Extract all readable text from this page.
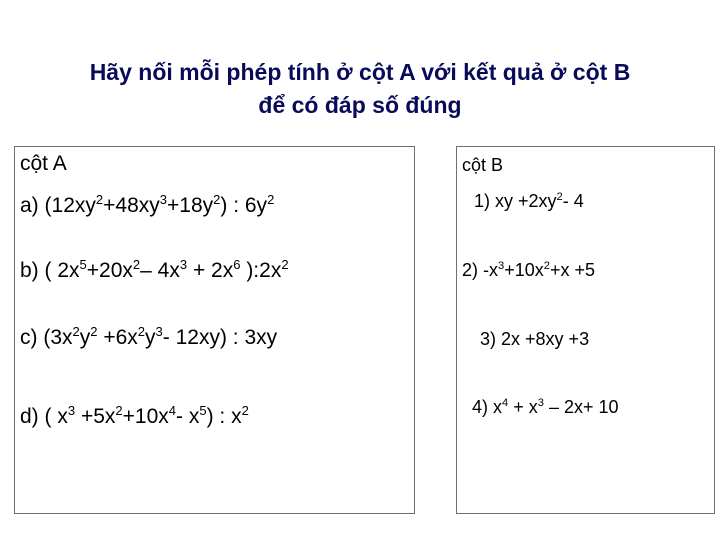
Hãy nối mỗi phép tính ở cột A với kết quả ở cột B
để có đáp số đúng
cột A
a) $(12xy^2+48xy^3+18y^2)$ : $6y^2$
b) ( $2x^5+20x^2-$ $4x^3 + 2x^6$ )$:2x^2$
c) ($3x^2y^2 +6x^2y^3-$ 12xy) : 3xy
d) ( $x^3 +5x^2+10x^4-$ $x^5$) : $x^2$
cột B
1) xy $+2xy^2-$ 4
2) $-x^3+10x^2+x +5$
3) 2x +8xy +3
4) $x^4 + x^3 - 2x+ 10$
